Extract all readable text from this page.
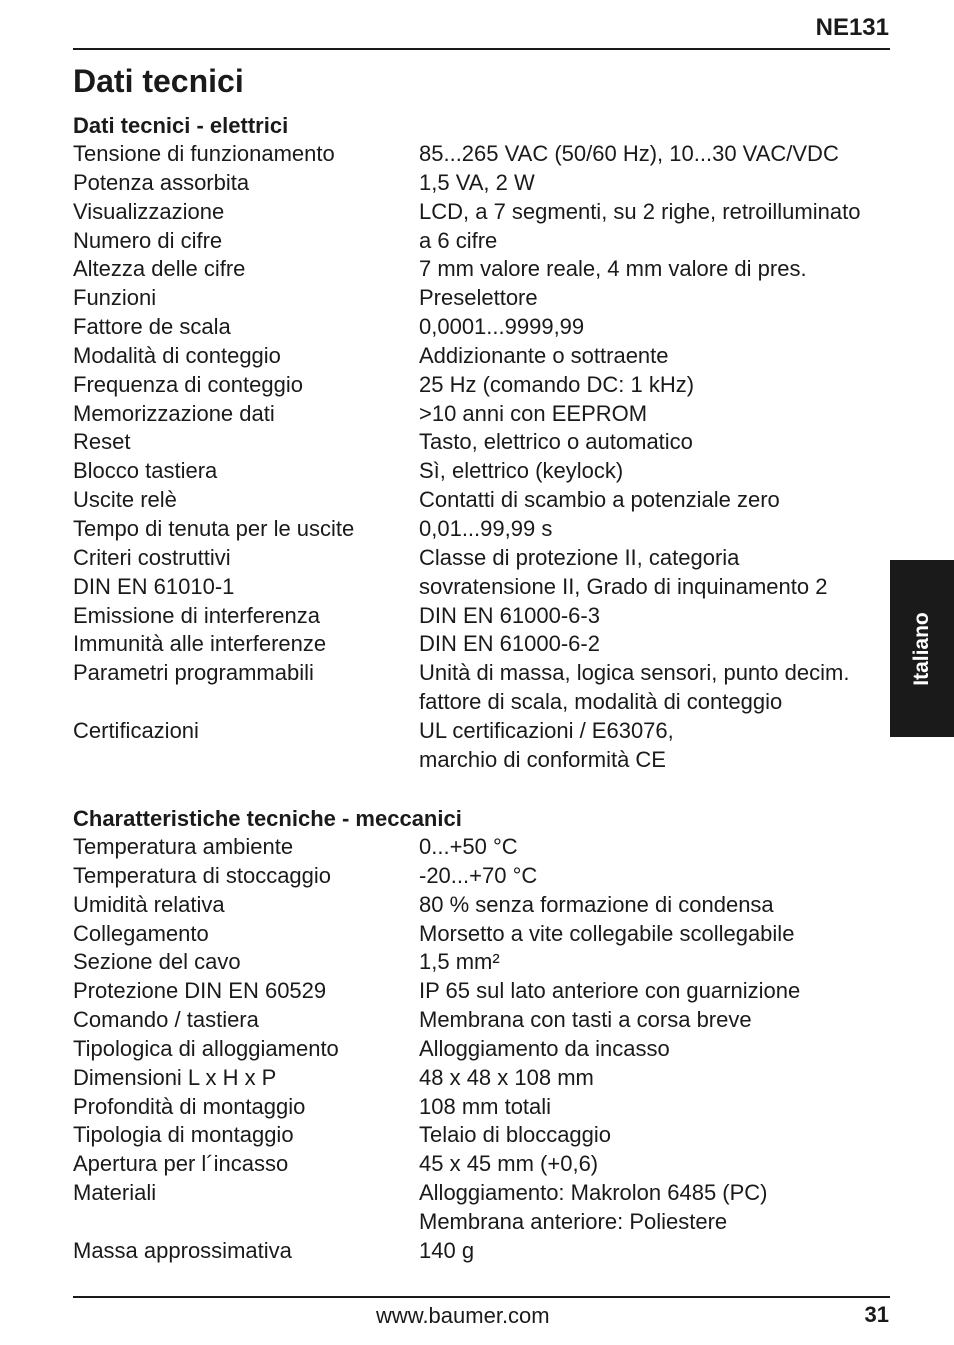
NE131
Dati tecnici
Dati tecnici - elettrici
Tensione di funzionamento	85...265 VAC (50/60 Hz), 10...30 VAC/VDC
Potenza assorbita	1,5 VA, 2 W
Visualizzazione	LCD, a 7 segmenti, su 2 righe, retroilluminato
Numero di cifre	a 6 cifre
Altezza delle cifre	7 mm valore reale, 4 mm valore di pres.
Funzioni	Preselettore
Fattore de scala	0,0001...9999,99
Modalità di conteggio	Addizionante o sottraente
Frequenza di conteggio	25 Hz (comando DC: 1 kHz)
Memorizzazione dati	>10 anni con EEPROM
Reset	Tasto, elettrico o automatico
Blocco tastiera	Sì, elettrico (keylock)
Uscite relè	Contatti di scambio a potenziale zero
Tempo di tenuta per le uscite	0,01...99,99 s
Criteri costruttivi	Classe di protezione II, categoria
DIN EN 61010-1	sovratensione II, Grado di inquinamento 2
Emissione di interferenza	DIN EN 61000-6-3
Immunità alle interferenze	DIN EN 61000-6-2
Parametri programmabili	Unità di massa, logica sensori, punto decim.
fattore di scala, modalità di conteggio
Certificazioni	UL certificazioni / E63076,
marchio di conformità CE
Charatteristiche tecniche - meccanici
Temperatura ambiente	0...+50 °C
Temperatura di stoccaggio	-20...+70 °C
Umidità relativa	80 % senza formazione di condensa
Collegamento	Morsetto a vite collegabile scollegabile
Sezione del cavo	1,5 mm²
Protezione DIN EN 60529	IP 65 sul lato anteriore con guarnizione
Comando / tastiera	Membrana con tasti a corsa breve
Tipologica di alloggiamento	Alloggiamento da incasso
Dimensioni L x H x P	48 x 48 x 108 mm
Profondità di montaggio	108 mm totali
Tipologia di montaggio	Telaio di bloccaggio
Apertura per l´incasso	45 x 45 mm (+0,6)
Materiali	Alloggiamento: Makrolon 6485 (PC)
Membrana anteriore: Poliestere
Massa approssimativa	140 g
Italiano
www.baumer.com	31
